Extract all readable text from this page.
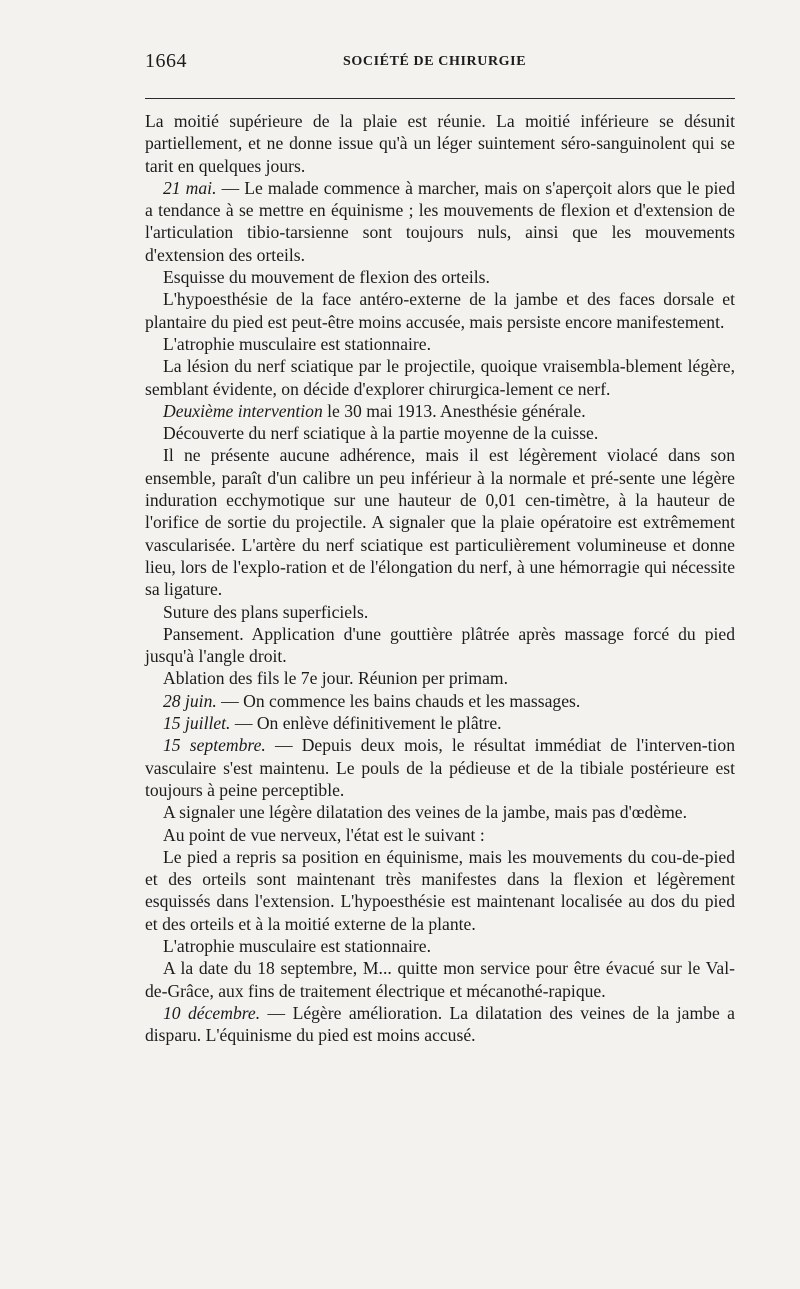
1664	SOCIÉTÉ DE CHIRURGIE

La moitié supérieure de la plaie est réunie. La moitié inférieure se désunit partiellement, et ne donne issue qu'à un léger suintement séro-sanguinolent qui se tarit en quelques jours.

21 mai. — Le malade commence à marcher, mais on s'aperçoit alors que le pied a tendance à se mettre en équinisme ; les mouvements de flexion et d'extension de l'articulation tibio-tarsienne sont toujours nuls, ainsi que les mouvements d'extension des orteils.

Esquisse du mouvement de flexion des orteils.

L'hypoesthésie de la face antéro-externe de la jambe et des faces dorsale et plantaire du pied est peut-être moins accusée, mais persiste encore manifestement.

L'atrophie musculaire est stationnaire.

La lésion du nerf sciatique par le projectile, quoique vraisembla-blement légère, semblant évidente, on décide d'explorer chirurgica-lement ce nerf.

Deuxième intervention le 30 mai 1913. Anesthésie générale.

Découverte du nerf sciatique à la partie moyenne de la cuisse.

Il ne présente aucune adhérence, mais il est légèrement violacé dans son ensemble, paraît d'un calibre un peu inférieur à la normale et pré-sente une légère induration ecchymotique sur une hauteur de 0,01 cen-timètre, à la hauteur de l'orifice de sortie du projectile. A signaler que la plaie opératoire est extrêmement vascularisée. L'artère du nerf sciatique est particulièrement volumineuse et donne lieu, lors de l'explo-ration et de l'élongation du nerf, à une hémorragie qui nécessite sa ligature.

Suture des plans superficiels.

Pansement. Application d'une gouttière plâtrée après massage forcé du pied jusqu'à l'angle droit.

Ablation des fils le 7e jour. Réunion per primam.

28 juin. — On commence les bains chauds et les massages.

15 juillet. — On enlève définitivement le plâtre.

15 septembre. — Depuis deux mois, le résultat immédiat de l'interven-tion vasculaire s'est maintenu. Le pouls de la pédieuse et de la tibiale postérieure est toujours à peine perceptible.

A signaler une légère dilatation des veines de la jambe, mais pas d'œdème.

Au point de vue nerveux, l'état est le suivant :

Le pied a repris sa position en équinisme, mais les mouvements du cou-de-pied et des orteils sont maintenant très manifestes dans la flexion et légèrement esquissés dans l'extension. L'hypoesthésie est maintenant localisée au dos du pied et des orteils et à la moitié externe de la plante.

L'atrophie musculaire est stationnaire.

A la date du 18 septembre, M... quitte mon service pour être évacué sur le Val-de-Grâce, aux fins de traitement électrique et mécanothé-rapique.

10 décembre. — Légère amélioration. La dilatation des veines de la jambe a disparu. L'équinisme du pied est moins accusé.
